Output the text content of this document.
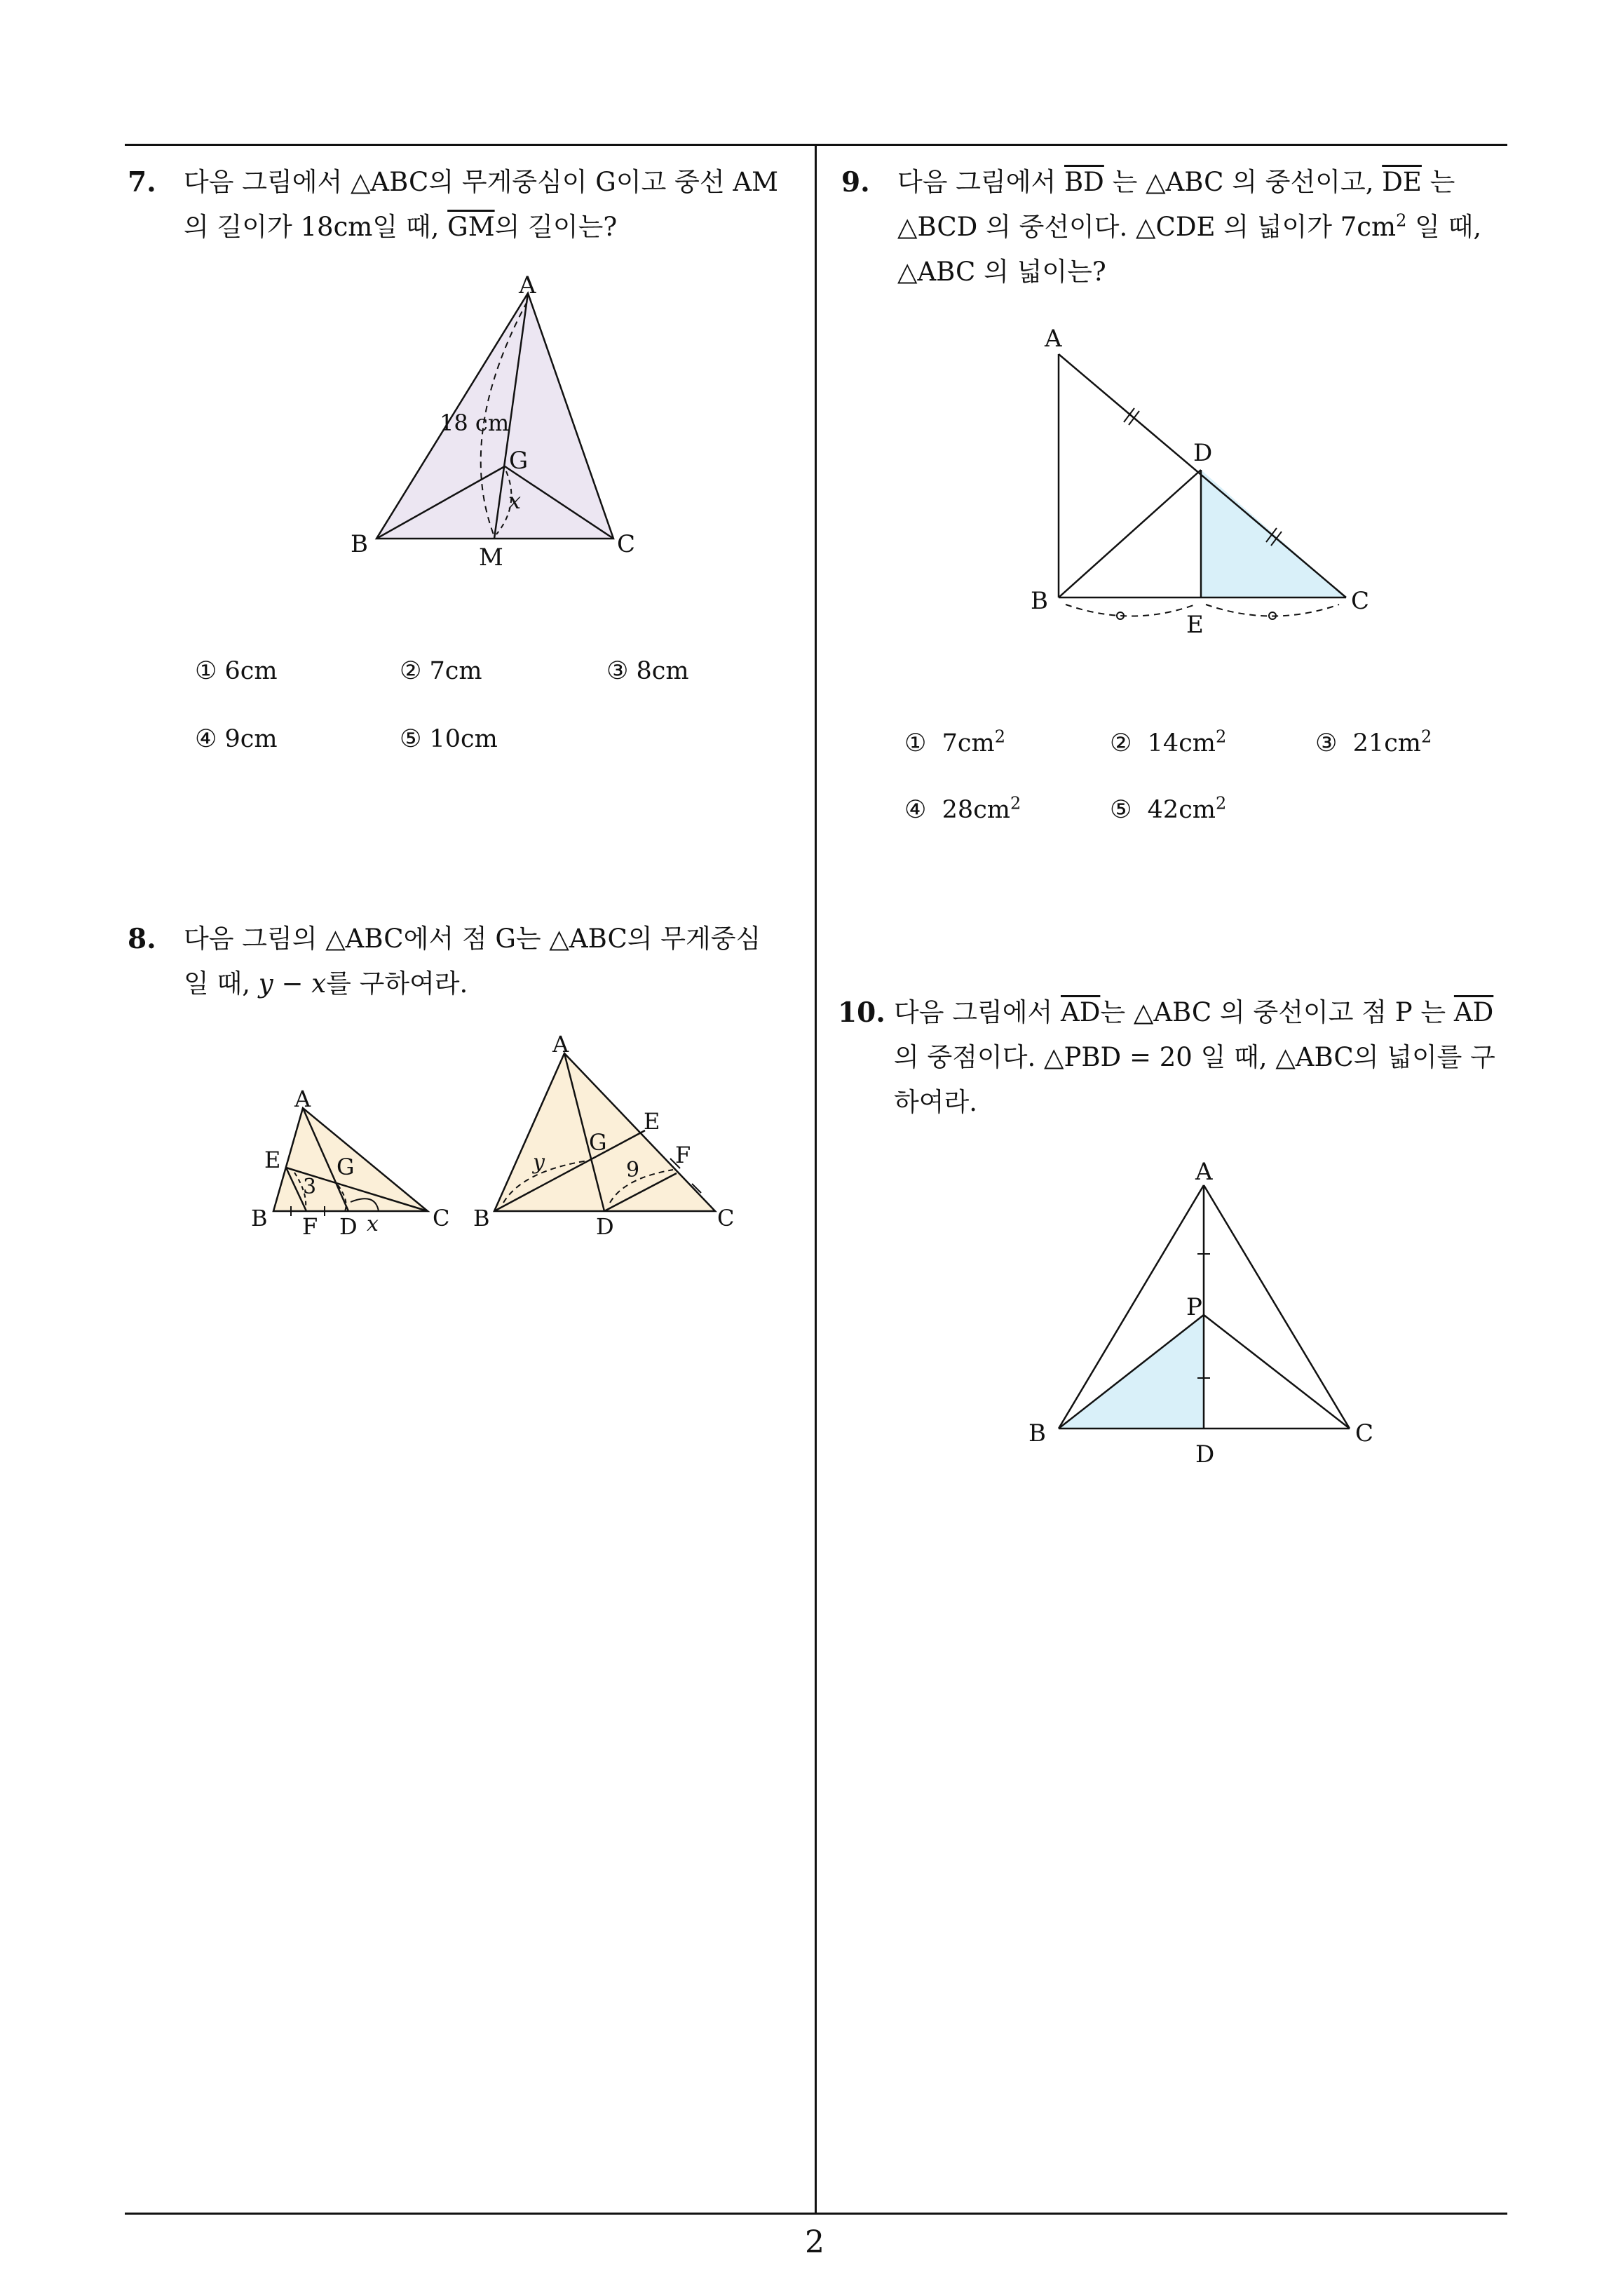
7. 다음 그림에서 △ABC의 무게중심이 G이고 중선 AM
의 길이가 18cm일 때, $\overline{GM}$의 길이는?
A
B	C
G
M
18 cm
x
① 6cm	② 7cm	③ 8cm
④ 9cm	⑤ 10cm
8. 다음 그림의 △ABC에서 점 G는 △ABC의 무게중심
일 때, y − x를 구하여라.
A
E G
3
B F D x C
A
E
G	F
y	9
B	D	C
9. 다음 그림에서 $\overline{BD}$ 는 △ABC 의 중선이고, $\overline{DE}$ 는
△BCD 의 중선이다. △CDE 의 넓이가 $7cm^2$ 일 때,
△ABC 의 넓이는?
A
D
B	C
E
① $7cm^2$	② $14cm^2$	③ $21cm^2$
④ $28cm^2$	⑤ $42cm^2$
10. 다음 그림에서 $\overline{AD}$는 △ABC 의 중선이고 점 P 는 $\overline{AD}$
의 중점이다. △PBD = 20 일 때, △ABC의 넓이를 구
하여라.
A
P
B	C
D
2
